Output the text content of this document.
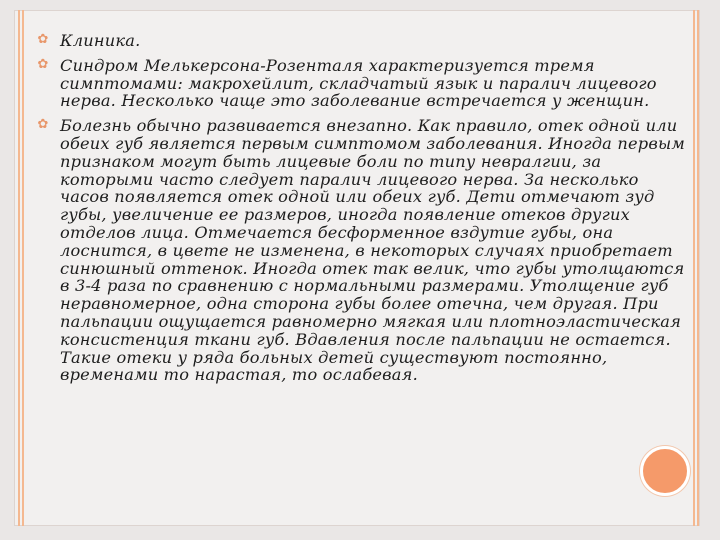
✿ Клиника.
✿ Синдром Мелькерсона-Розенталя характеризуется тремя симптомами: макрохейлит, складчатый язык и паралич лицевого нерва. Несколько чаще это заболевание встречается у женщин.
✿ Болезнь обычно развивается внезапно. Как правило, отек одной или обеих губ является первым симптомом заболевания. Иногда первым признаком могут быть лицевые боли по типу невралгии, за которыми часто следует паралич лицевого нерва. За несколько часов появляется отек одной или обеих губ. Дети отмечают зуд губы, увеличение ее размеров, иногда появление отеков других отделов лица. Отмечается бесформенное вздутие губы, она лоснится, в цвете не изменена, в некоторых случаях приобретает синюшный оттенок. Иногда отек так велик, что губы утолщаются в 3-4 раза по сравнению с нормальными размерами. Утолщение губ неравномерное, одна сторона губы более отечна, чем другая. При пальпации ощущается равномерно мягкая или плотноэластическая консистенция ткани губ. Вдавления после пальпации не остается. Такие отеки у ряда больных детей существуют постоянно, временами то нарастая, то ослабевая.
